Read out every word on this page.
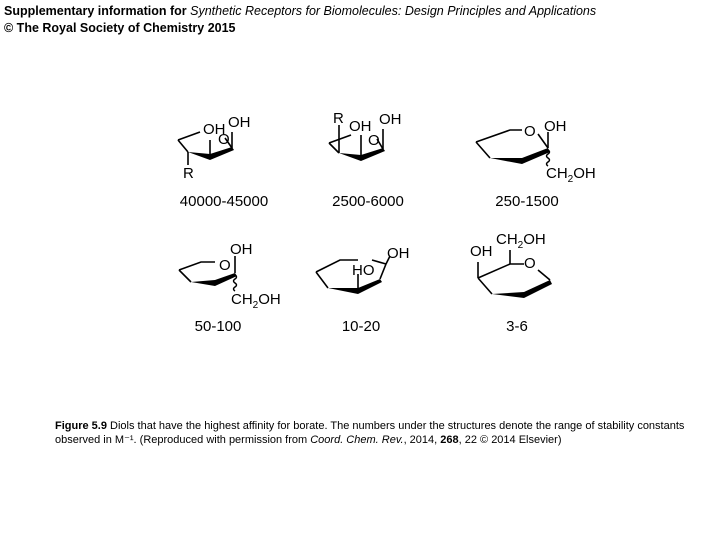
Supplementary information for Synthetic Receptors for Biomolecules: Design Principles and Applications
© The Royal Society of Chemistry 2015
OH OH
O
R
40000-45000
R OH OH
O
2500-6000
O OH
$CH_2OH$
250-1500
O
OH
$CH_2OH$
50-100
HO
OH
10-20
OH
$CH_2OH$
O
3-6
Figure 5.9 Diols that have the highest affinity for borate. The numbers under the structures denote the range of stability constants observed in M⁻¹. (Reproduced with permission from Coord. Chem. Rev., 2014, 268, 22 © 2014 Elsevier)
